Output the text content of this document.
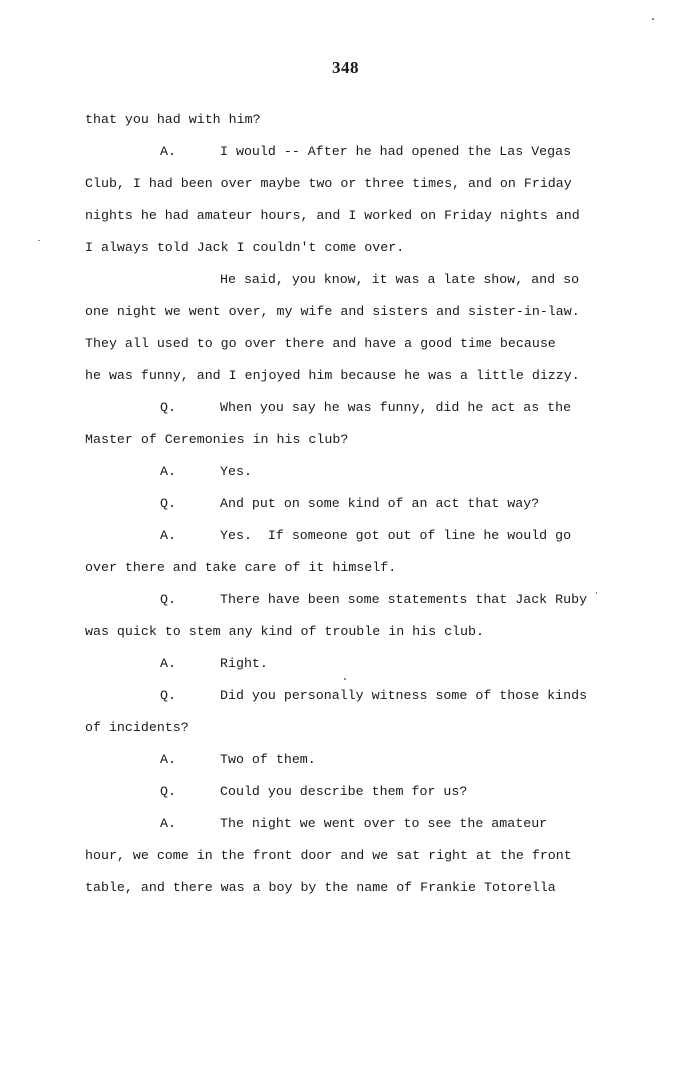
348
that you had with him?
A.	I would -- After he had opened the Las Vegas
Club, I had been over maybe two or three times, and on Friday
nights he had amateur hours, and I worked on Friday nights and
I always told Jack I couldn't come over.
He said, you know, it was a late show, and so
one night we went over, my wife and sisters and sister-in-law.
They all used to go over there and have a good time because
he was funny, and I enjoyed him because he was a little dizzy.
Q.	When you say he was funny, did he act as the
Master of Ceremonies in his club?
A.	Yes.
Q.	And put on some kind of an act that way?
A.	Yes.  If someone got out of line he would go
over there and take care of it himself.
Q.	There have been some statements that Jack Ruby
was quick to stem any kind of trouble in his club.
A.	Right.
Q.	Did you personally witness some of those kinds
of incidents?
A.	Two of them.
Q.	Could you describe them for us?
A.	The night we went over to see the amateur
hour, we come in the front door and we sat right at the front
table, and there was a boy by the name of Frankie Totorella
